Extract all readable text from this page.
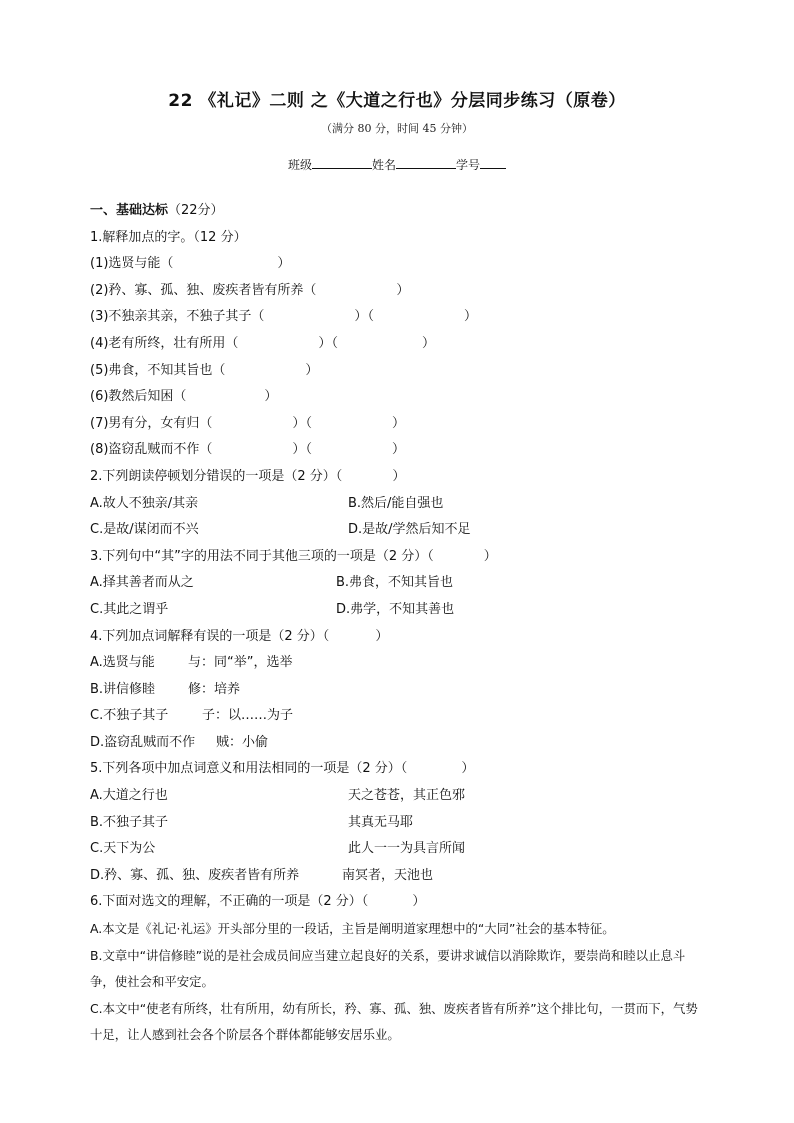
22 《礼记》二则 之《大道之行也》分层同步练习（原卷）
（满分 80 分，时间 45 分钟）
班级	姓名	学号
一、基础达标（22分）
1.解释加点的字。（12 分）
(1)选贤与能（	）
(2)矜、寡、孤、独、废疾者皆有所养（	）
(3)不独亲其亲，不独子其子（	）（	）
(4)老有所终，壮有所用（	）（	）
(5)弗食，不知其旨也（	）
(6)教然后知困（	）
(7)男有分，女有归（	）（	）
(8)盗窃乱贼而不作（	）（	）
2.下列朗读停顿划分错误的一项是（2 分）（	）
A.故人不独亲/其亲	B.然后/能自强也
C.是故/谋闭而不兴	D.是故/学然后知不足
3.下列句中“其”字的用法不同于其他三项的一项是（2 分）（	）
A.择其善者而从之	B.弗食，不知其旨也
C.其此之谓乎	D.弗学，不知其善也
4.下列加点词解释有误的一项是（2 分）（	）
A.选贤与能	与：同“举”，选举
B.讲信修睦	修：培养
C.不独子其子	子：以……为子
D.盗窃乱贼而不作 贼：小偷
5.下列各项中加点词意义和用法相同的一项是（2 分）（	）
A.大道之行也	天之苍苍，其正色邪
B.不独子其子	其真无马耶
C.天下为公	此人一一为具言所闻
D.矜、寡、孤、独、废疾者皆有所养	南冥者，天池也
6.下面对选文的理解，不正确的一项是（2 分）（	）
A.本文是《礼记·礼运》开头部分里的一段话，主旨是阐明道家理想中的“大同”社会的基本特征。
B.文章中“讲信修睦”说的是社会成员间应当建立起良好的关系，要讲求诚信以消除欺诈，要崇尚和睦以止息斗争，使社会和平安定。
C.本文中“使老有所终，壮有所用，幼有所长，矜、寡、孤、独、废疾者皆有所养”这个排比句，一贯而下，气势十足，让人感到社会各个阶层各个群体都能够安居乐业。
